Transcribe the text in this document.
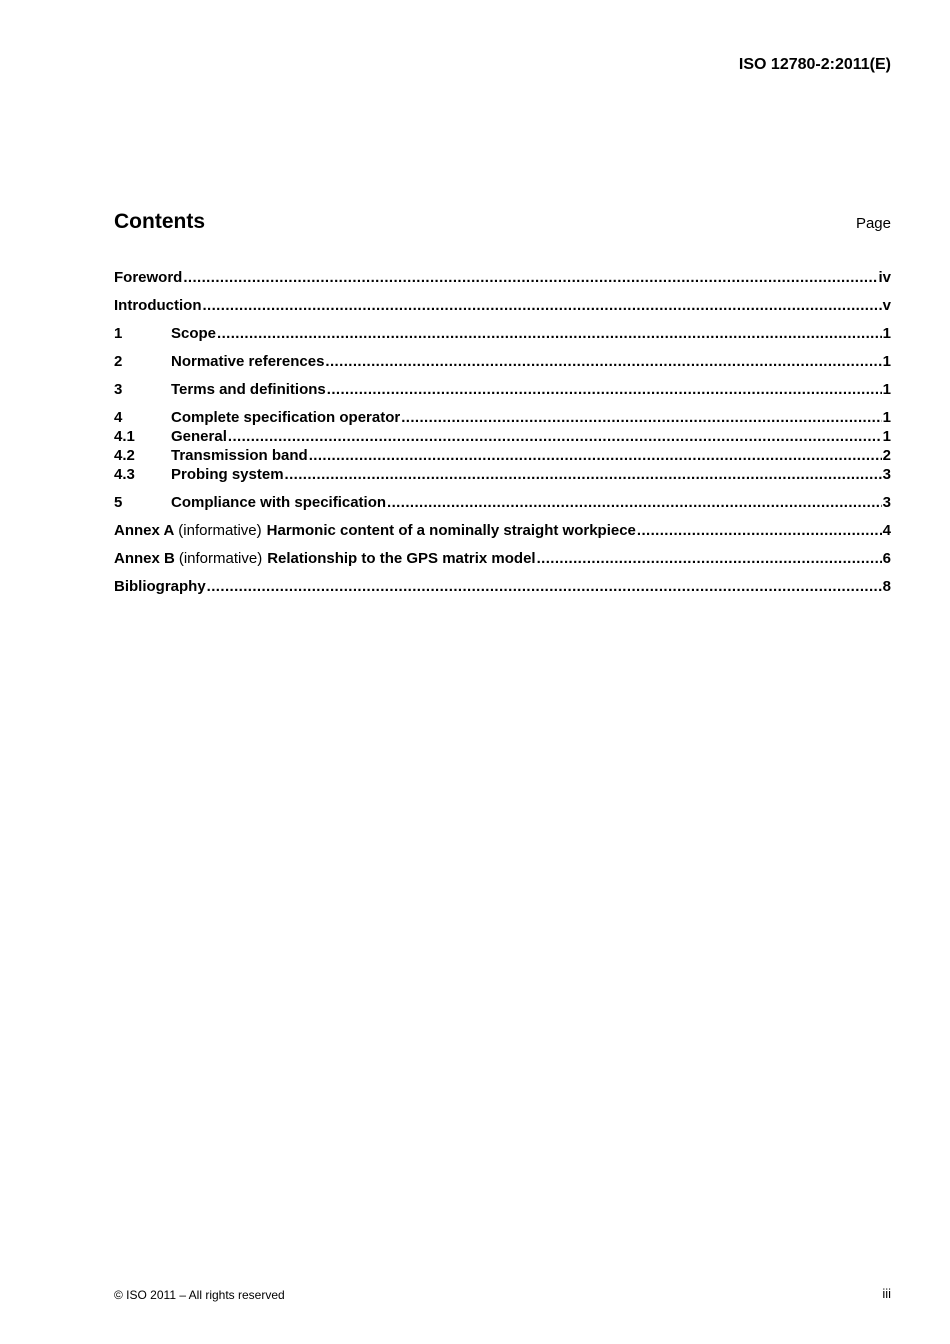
ISO 12780-2:2011(E)
Contents	Page
Foreword .....	iv
Introduction .....	v
1	Scope .....	1
2	Normative references .....	1
3	Terms and definitions .....	1
4	Complete specification operator .....	1
4.1	General .....	1
4.2	Transmission band .....	2
4.3	Probing system .....	3
5	Compliance with specification .....	3
Annex A (informative) Harmonic content of a nominally straight workpiece .....	4
Annex B (informative) Relationship to the GPS matrix model .....	6
Bibliography .....	8
© ISO 2011 – All rights reserved	iii
